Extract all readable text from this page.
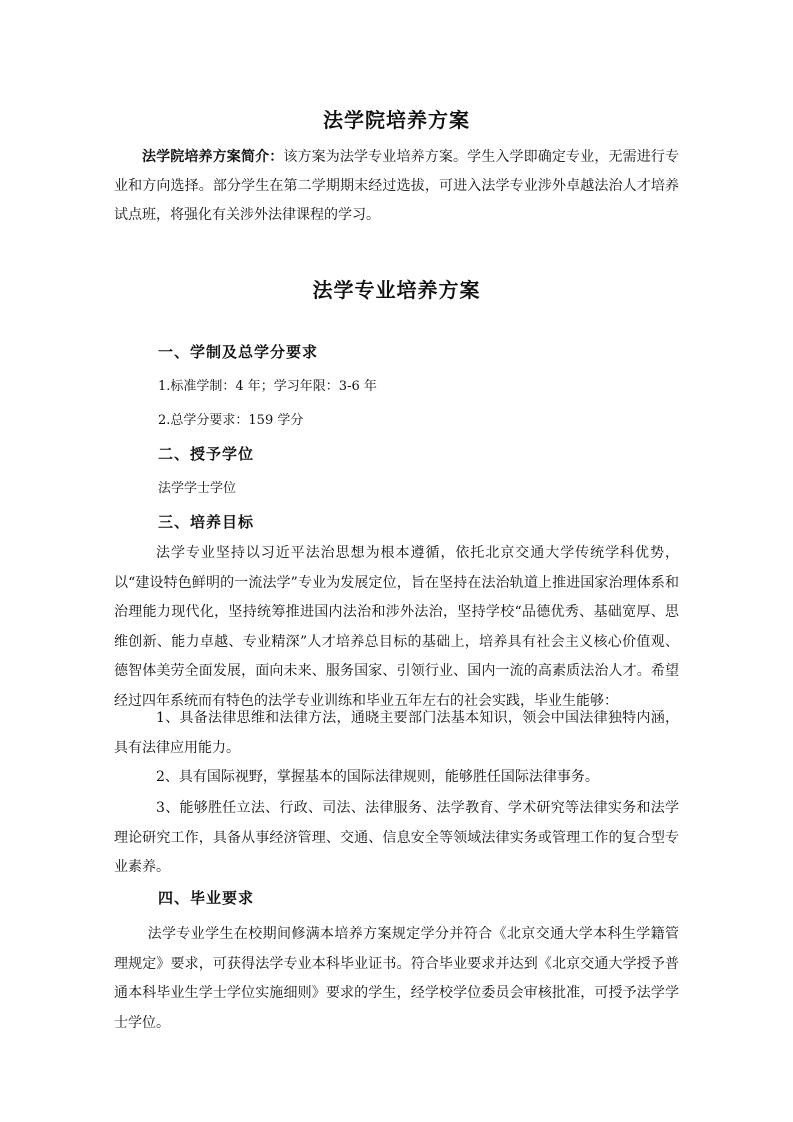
法学院培养方案
法学院培养方案简介：该方案为法学专业培养方案。学生入学即确定专业，无需进行专业和方向选择。部分学生在第二学期期末经过选拔，可进入法学专业涉外卓越法治人才培养试点班，将强化有关涉外法律课程的学习。
法学专业培养方案
一、学制及总学分要求
1.标准学制：4 年；学习年限：3-6 年
2.总学分要求：159 学分
二、授予学位
法学学士学位
三、培养目标
法学专业坚持以习近平法治思想为根本遵循，依托北京交通大学传统学科优势，以“建设特色鲜明的一流法学”专业为发展定位，旨在坚持在法治轨道上推进国家治理体系和治理能力现代化，坚持统筹推进国内法治和涉外法治，坚持学校“品德优秀、基础宽厚、思维创新、能力卓越、专业精深”人才培养总目标的基础上，培养具有社会主义核心价值观、德智体美劳全面发展，面向未来、服务国家、引领行业、国内一流的高素质法治人才。希望经过四年系统而有特色的法学专业训练和毕业五年左右的社会实践，毕业生能够：
1、具备法律思维和法律方法，通晓主要部门法基本知识，领会中国法律独特内涵，具有法律应用能力。
2、具有国际视野，掌握基本的国际法律规则，能够胜任国际法律事务。
3、能够胜任立法、行政、司法、法律服务、法学教育、学术研究等法律实务和法学理论研究工作，具备从事经济管理、交通、信息安全等领域法律实务或管理工作的复合型专业素养。
四、毕业要求
法学专业学生在校期间修满本培养方案规定学分并符合《北京交通大学本科生学籍管理规定》要求，可获得法学专业本科毕业证书。符合毕业要求并达到《北京交通大学授予普通本科毕业生学士学位实施细则》要求的学生，经学校学位委员会审核批准，可授予法学学士学位。
